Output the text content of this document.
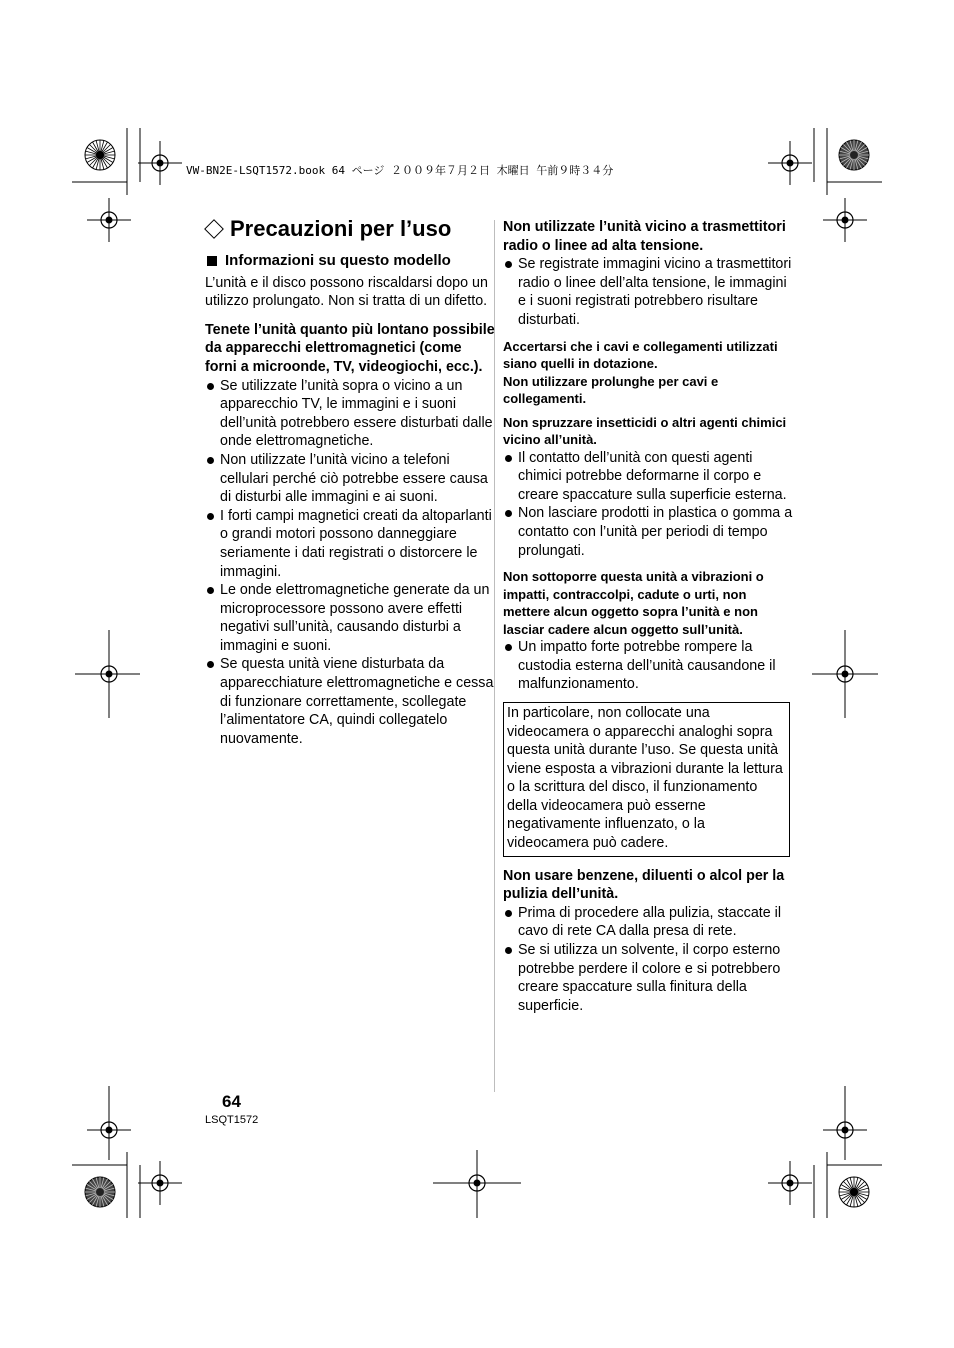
VW-BN2E-LSQT1572.book 64 ページ ２００９年７月２日 木曜日 午前９時３４分
Precauzioni per l’uso
Informazioni su questo modello

L’unità e il disco possono riscaldarsi dopo un utilizzo prolungato. Non si tratta di un difetto.

Tenete l’unità quanto più lontano possibile da apparecchi elettromagnetici (come forni a microonde, TV, videogiochi, ecc.).

Se utilizzate l’unità sopra o vicino a un apparecchio TV, le immagini e i suoni dell’unità potrebbero essere disturbati dalle onde elettromagnetiche.
Non utilizzate l’unità vicino a telefoni cellulari perché ciò potrebbe essere causa di disturbi alle immagini e ai suoni.
I forti campi magnetici creati da altoparlanti o grandi motori possono danneggiare seriamente i dati registrati o distorcere le immagini.
Le onde elettromagnetiche generate da un microprocessore possono avere effetti negativi sull’unità, causando disturbi a immagini e suoni.
Se questa unità viene disturbata da apparecchiature elettromagnetiche e cessa di funzionare correttamente, scollegate l’alimentatore CA, quindi collegatelo nuovamente.

Non utilizzate l’unità vicino a trasmettitori radio o linee ad alta tensione.

Se registrate immagini vicino a trasmettitori radio o linee dell’alta tensione, le immagini e i suoni registrati potrebbero risultare disturbati.

Accertarsi che i cavi e collegamenti utilizzati siano quelli in dotazione.

Non utilizzare prolunghe per cavi e collegamenti.

Non spruzzare insetticidi o altri agenti chimici vicino all’unità.

Il contatto dell’unità con questi agenti chimici potrebbe deformarne il corpo e creare spaccature sulla superficie esterna.
Non lasciare prodotti in plastica o gomma a contatto con l’unità per periodi di tempo prolungati.

Non sottoporre questa unità a vibrazioni o impatti, contraccolpi, cadute o urti, non mettere alcun oggetto sopra l’unità e non lasciar cadere alcun oggetto sull’unità.

Un impatto forte potrebbe rompere la custodia esterna dell’unità causandone il malfunzionamento.
In particolare, non collocate una videocamera o apparecchi analoghi sopra questa unità durante l’uso. Se questa unità viene esposta a vibrazioni durante la lettura o la scrittura del disco, il funzionamento della videocamera può esserne negativamente influenzato, o la videocamera può cadere.

Non usare benzene, diluenti o alcol per la pulizia dell’unità.

Prima di procedere alla pulizia, staccate il cavo di rete CA dalla presa di rete.
Se si utilizza un solvente, il corpo esterno potrebbe perdere il colore e si potrebbero creare spaccature sulla finitura della superficie.
64
LSQT1572
